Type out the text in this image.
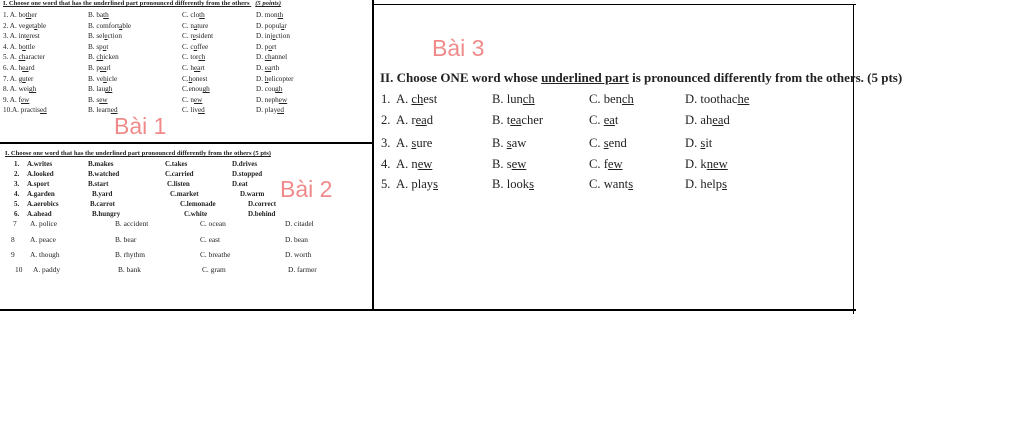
I. Choose one word that has the underlined part pronounced differently from the others (5 points)
1. A. bother	B. bath	C. cloth	D. month
2. A. vegetable	B. comfortable	C. nature	D. popular
3. A. interest	B. selection	C. resident	D. injection
4. A. bottle	B. spot	C. coffee	D. port
5. A. character	B. chicken	C. torch	D. channel
6. A. heard	B. pearl	C. heart	D. earth
7. A. guter	B. vehicle	C.honest	D. helicopter
8. A. weigh	B. laugh	C.enough	D. cough
9. A. few	B. sew	C. new	D. nephew
10.A. practised	B. learned	C. lived	D. played
Bài 1
I. Choose one word that has the underlined part pronounced differently from the others (5 pts)
1. A.writes	B.makes	C.takes	D.drives
2. A.looked	B.watched	C.carried	D.stopped
3. A.sport	B.start	C.listen	D.eat
4. A.garden	B.yard	C.market	D.warm
5. A.aerobics	B.carrot	C.lemonade	D.correct
6. A.ahead	B.hungry	C.white	D.behind
7 A. police	B. accident	C. ocean	D. citadel
8 A. peace	B. bear	C. east	D. bean
9 A. though	B. rhythm	C. breathe	D. worth
10 A. paddy	B. bank	C. gram	D. farmer
Bài 2
Bài 3
II. Choose ONE word whose underlined part is pronounced differently from the others. (5 pts)
1. A. chest	B. lunch	C. bench	D. toothache
2. A. read	B. teacher	C. eat	D. ahead
3. A. sure	B. saw	C. send	D. sit
4. A. new	B. sew	C. few	D. knew
5. A. plays	B. looks	C. wants	D. helps
